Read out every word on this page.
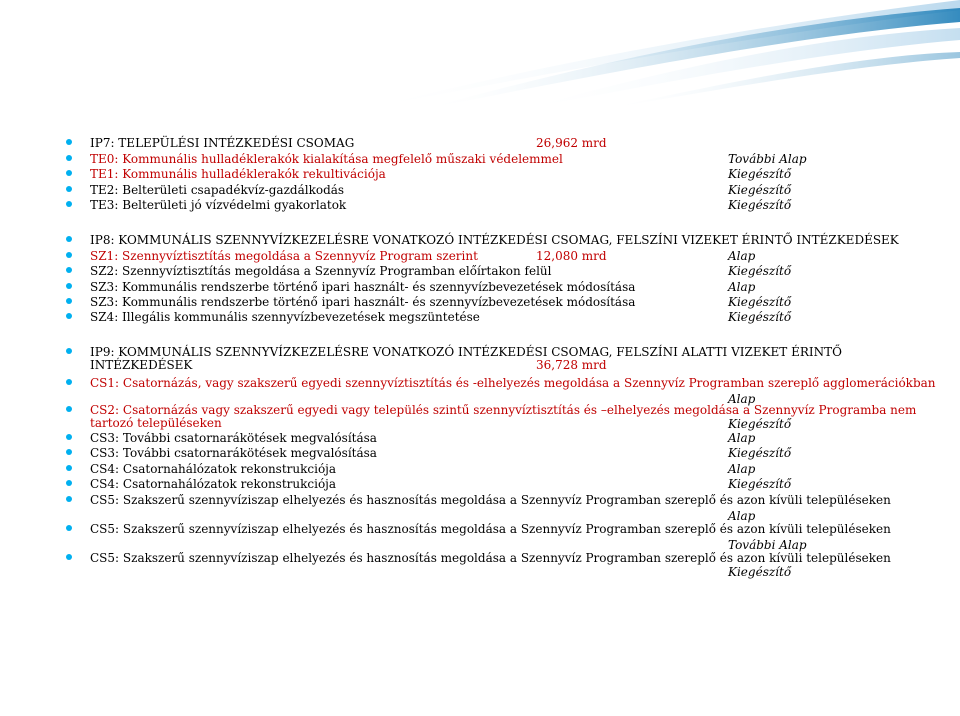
IP7: TELEPÜLÉSI INTÉZKEDÉSI CSOMAG	26,962 mrd
TE0: Kommunális hulladéklerakók kialakítása megfelelő műszaki védelemmel	További Alap
TE1: Kommunális hulladéklerakók rekultivációja	Kiegészítő
TE2: Belterületi csapadékvíz-gazdálkodás	Kiegészítő
TE3: Belterületi jó vízvédelmi gyakorlatok	Kiegészítő
IP8: KOMMUNÁLIS SZENNYVÍZKEZELÉSRE VONATKOZÓ INTÉZKEDÉSI CSOMAG, FELSZÍNI VIZEKET ÉRINTŐ INTÉZKEDÉSEK
SZ1: Szennyvíztisztítás megoldása a Szennyvíz Program szerint	12,080 mrd	Alap
SZ2: Szennyvíztisztítás megoldása a Szennyvíz Programban előírtakon felül	Kiegészítő
SZ3: Kommunális rendszerbe történő ipari használt- és szennyvízbevezetések módosítása	Alap
SZ3: Kommunális rendszerbe történő ipari használt- és szennyvízbevezetések módosítása	Kiegészítő
SZ4: Illegális kommunális szennyvízbevezetések megszüntetése	Kiegészítő
IP9: KOMMUNÁLIS SZENNYVÍZKEZELÉSRE VONATKOZÓ INTÉZKEDÉSI CSOMAG, FELSZÍNI ALATTI VIZEKET ÉRINTŐ
INTÉZKEDÉSEK	36,728 mrd
CS1: Csatornázás, vagy szakszerű egyedi szennyvíztisztítás és -elhelyezés megoldása a Szennyvíz Programban szereplő agglomerációkban
Alap
CS2: Csatornázás vagy szakszerű egyedi vagy település szintű szennyvíztisztítás és –elhelyezés megoldása a Szennyvíz Programba nem
tartozó településeken	Kiegészítő
CS3: További csatornarákötések megvalósítása	Alap
CS3: További csatornarákötések megvalósítása	Kiegészítő
CS4: Csatornahálózatok rekonstrukciója	Alap
CS4: Csatornahálózatok rekonstrukciója	Kiegészítő
CS5: Szakszerű szennyvíziszap elhelyezés és hasznosítás megoldása a Szennyvíz Programban szereplő és azon kívüli településeken
Alap
CS5: Szakszerű szennyvíziszap elhelyezés és hasznosítás megoldása a Szennyvíz Programban szereplő és azon kívüli településeken
További Alap
CS5: Szakszerű szennyvíziszap elhelyezés és hasznosítás megoldása a Szennyvíz Programban szereplő és azon kívüli településeken
Kiegészítő
